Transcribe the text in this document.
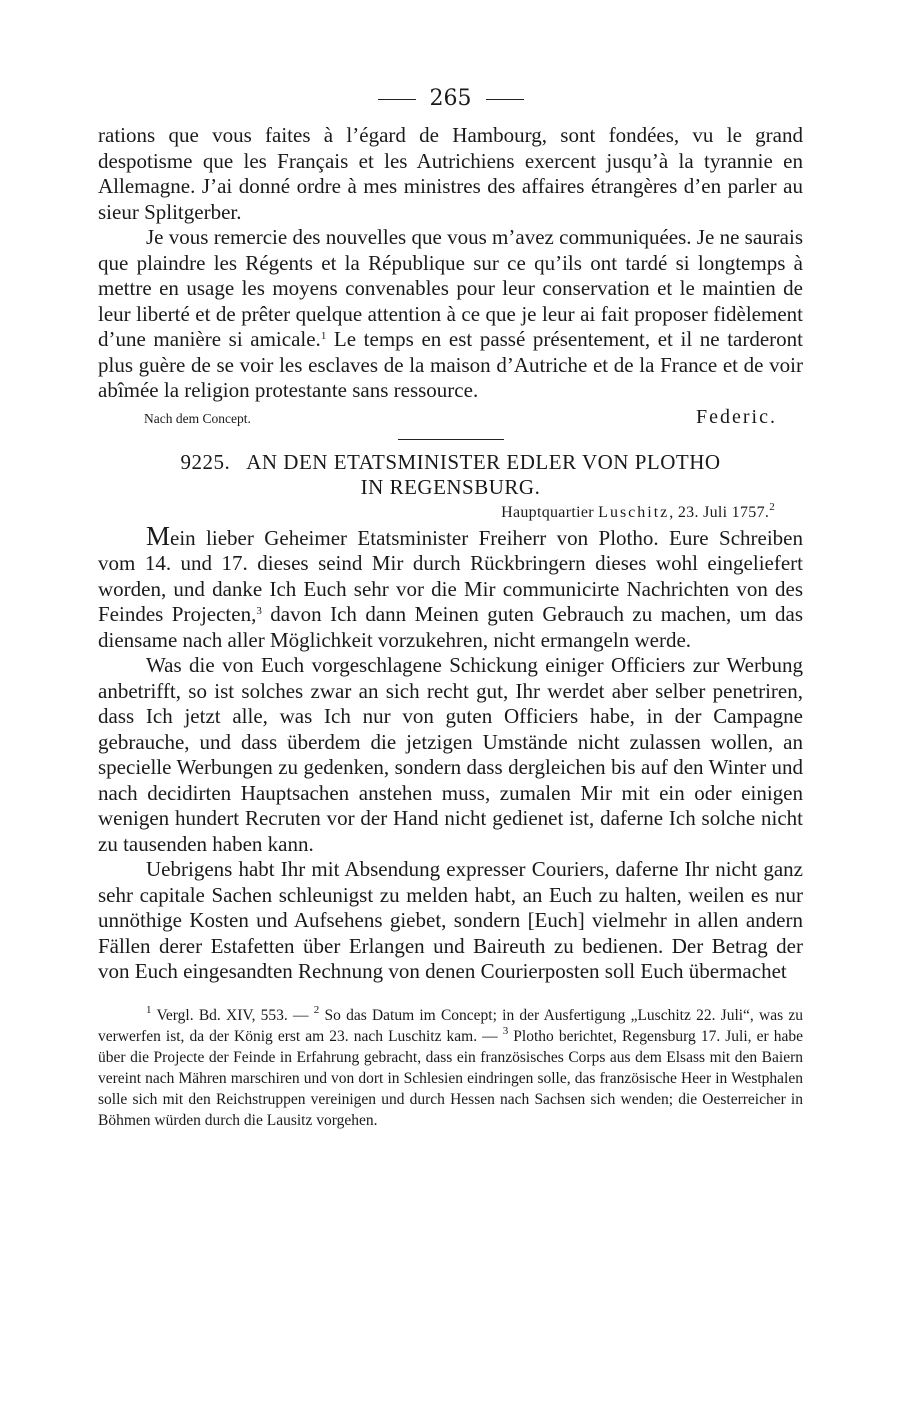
265

rations que vous faites à l’égard de Hambourg, sont fondées, vu le grand despotisme que les Français et les Autrichiens exercent jusqu’à la tyrannie en Allemagne. J’ai donné ordre à mes ministres des affaires étrangères d’en parler au sieur Splitgerber.

Je vous remercie des nouvelles que vous m’avez communiquées. Je ne saurais que plaindre les Régents et la République sur ce qu’ils ont tardé si longtemps à mettre en usage les moyens convenables pour leur conservation et le maintien de leur liberté et de prêter quelque attention à ce que je leur ai fait proposer fidèlement d’une manière si amicale.$^1$ Le temps en est passé présentement, et il ne tarderont plus guère de se voir les esclaves de la maison d’Autriche et de la France et de voir abîmée la religion protestante sans ressource.

Nach dem Concept.	Federic.
9225. AN DEN ETATSMINISTER EDLER VON PLOTHO
IN REGENSBURG.
Hauptquartier Luschitz, 23. Juli 1757.$^2$

Mein lieber Geheimer Etatsminister Freiherr von Plotho. Eure Schreiben vom 14. und 17. dieses seind Mir durch Rückbringern dieses wohl eingeliefert worden, und danke Ich Euch sehr vor die Mir communicirte Nachrichten von des Feindes Projecten,$^3$ davon Ich dann Meinen guten Gebrauch zu machen, um das diensame nach aller Möglichkeit vorzukehren, nicht ermangeln werde.

Was die von Euch vorgeschlagene Schickung einiger Officiers zur Werbung anbetrifft, so ist solches zwar an sich recht gut, Ihr werdet aber selber penetriren, dass Ich jetzt alle, was Ich nur von guten Officiers habe, in der Campagne gebrauche, und dass überdem die jetzigen Umstände nicht zulassen wollen, an specielle Werbungen zu gedenken, sondern dass dergleichen bis auf den Winter und nach decidirten Hauptsachen anstehen muss, zumalen Mir mit ein oder einigen wenigen hundert Recruten vor der Hand nicht gedienet ist, daferne Ich solche nicht zu tausenden haben kann.

Uebrigens habt Ihr mit Absendung expresser Couriers, daferne Ihr nicht ganz sehr capitale Sachen schleunigst zu melden habt, an Euch zu halten, weilen es nur unnöthige Kosten und Aufsehens giebet, sondern [Euch] vielmehr in allen andern Fällen derer Estafetten über Erlangen und Baireuth zu bedienen. Der Betrag der von Euch eingesandten Rechnung von denen Courierposten soll Euch übermachet

$^1$ Vergl. Bd. XIV, 553. — $^2$ So das Datum im Concept; in der Ausfertigung „Luschitz 22. Juli“, was zu verwerfen ist, da der König erst am 23. nach Luschitz kam. — $^3$ Plotho berichtet, Regensburg 17. Juli, er habe über die Projecte der Feinde in Erfahrung gebracht, dass ein französisches Corps aus dem Elsass mit den Baiern vereint nach Mähren marschiren und von dort in Schlesien eindringen solle, das französische Heer in Westphalen solle sich mit den Reichstruppen vereinigen und durch Hessen nach Sachsen sich wenden; die Oesterreicher in Böhmen würden durch die Lausitz vorgehen.
